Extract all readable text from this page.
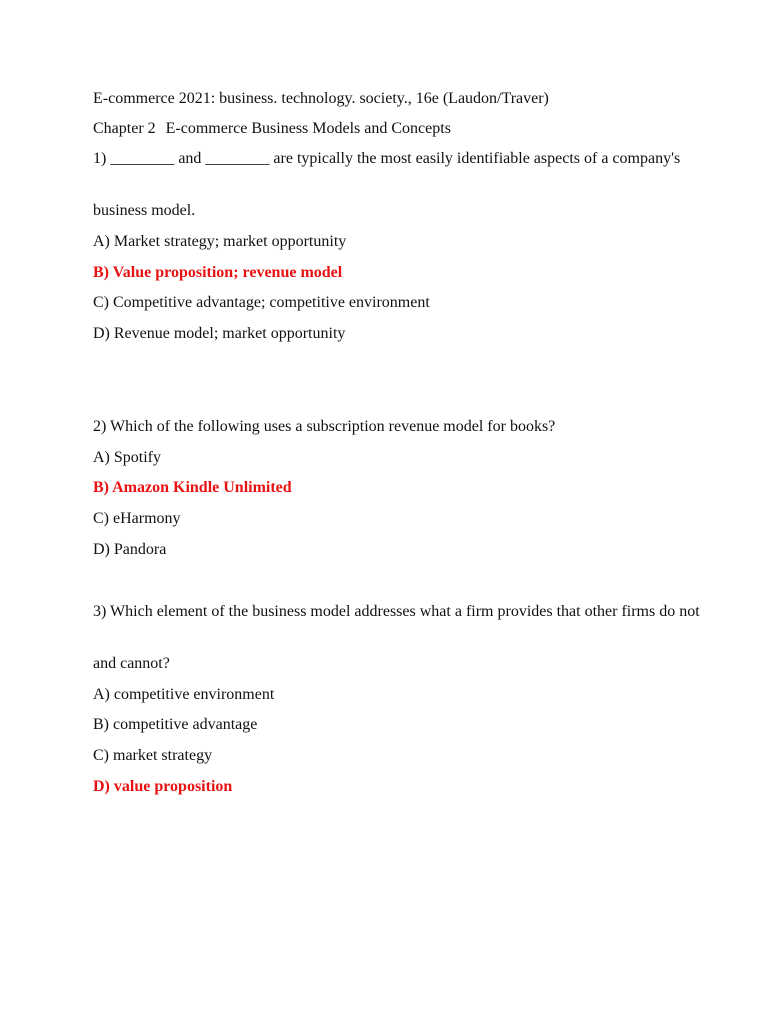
E-commerce 2021: business. technology. society., 16e (Laudon/Traver)
Chapter 2 E-commerce Business Models and Concepts
1) ________ and ________ are typically the most easily identifiable aspects of a company's
business model.
A) Market strategy; market opportunity
B) Value proposition; revenue model
C) Competitive advantage; competitive environment
D) Revenue model; market opportunity
2) Which of the following uses a subscription revenue model for books?
A) Spotify
B) Amazon Kindle Unlimited
C) eHarmony
D) Pandora
3) Which element of the business model addresses what a firm provides that other firms do not
and cannot?
A) competitive environment
B) competitive advantage
C) market strategy
D) value proposition
